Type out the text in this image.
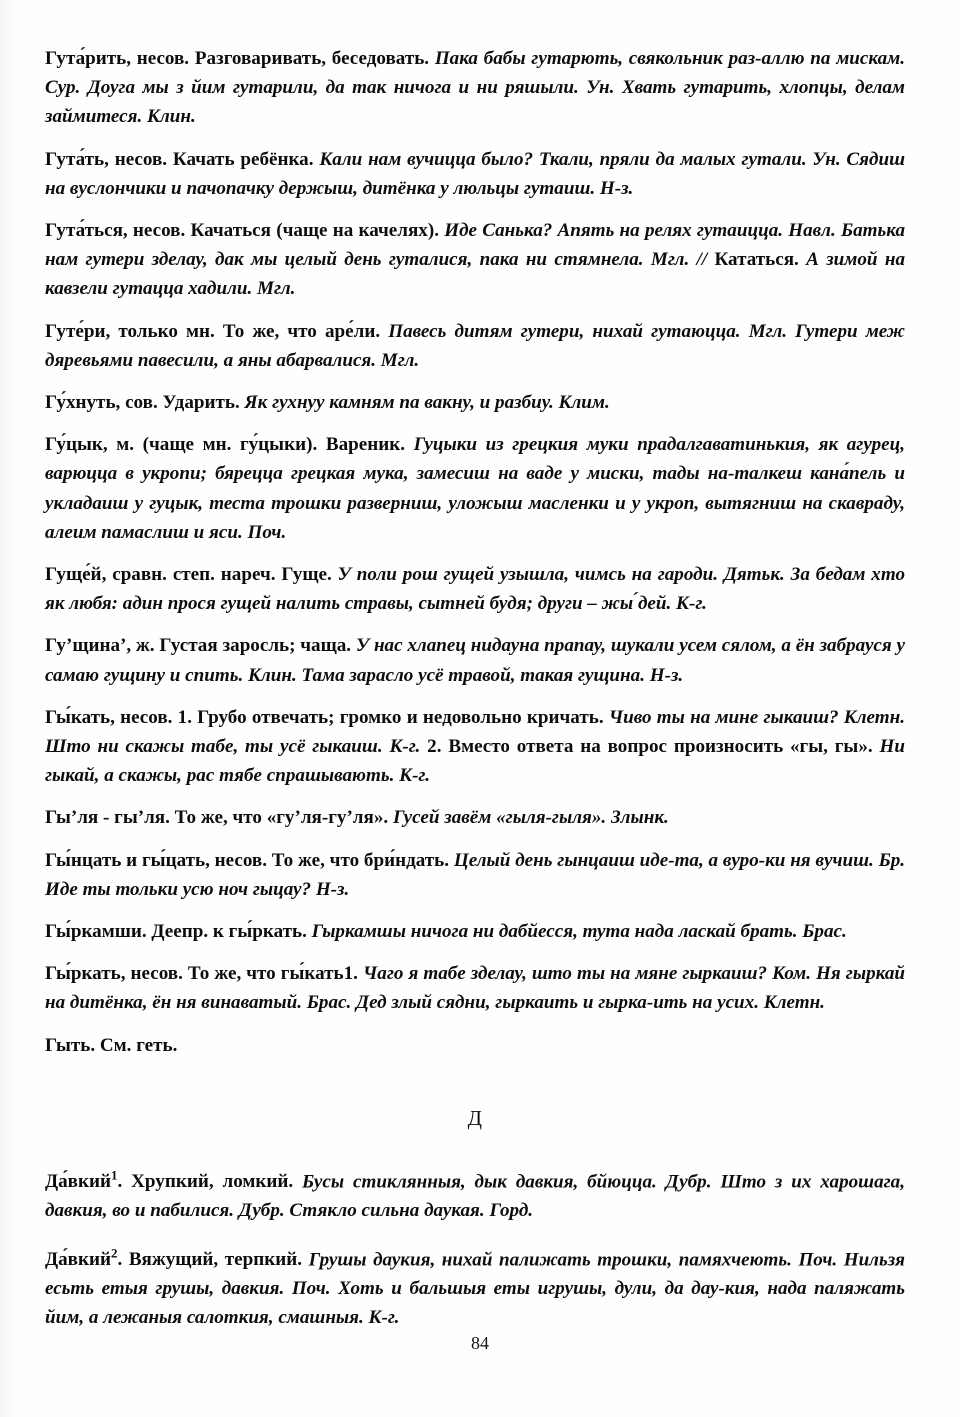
Гута́рить, несов. Разговаривать, беседовать. Пака бабы гутарють, свякольник раз-аллю па мискам. Сур. Доуга мы з йим гутарили, да так ничога и ни ряшыли. Ун. Хвать гутарить, хлопцы, делам займитеся. Клин.

Гута́ть, несов. Качать ребёнка. Кали нам вучицца было? Ткали, пряли да малых гутали. Ун. Сядиш на вуслончики и пачопачку держыш, дитёнка у люльцы гутаиш. Н-з.

Гута́ться, несов. Качаться (чаще на качелях). Иде Санька? Апять на релях гутаицца. Навл. Батька нам гутери зделау, дак мы целый день гуталися, пака ни стямнела. Мгл. // Кататься. А зимой на кавзели гутацца хадили. Мгл.

Гуте́ри, только мн. То же, что аре́ли. Павесь дитям гутери, нихай гутаюцца. Мгл. Гутери меж дяревьями павесили, а яны абарвалися. Мгл.

Гу́хнуть, сов. Ударить. Як гухнуу камням па вакну, и разбиу. Клим.

Гу́цык, м. (чаще мн. гу́цыки). Вареник. Гуцыки из грецкия муки прадалгаватинькия, як агурец, варюцца в укропи; бярецца грецкая мука, замесиш на ваде у миски, тады на-талкеш кана́пель и укладаиш у гуцык, теста трошки разверниш, уложыш масленки и у укроп, вытягниш на скавраду, алеим памаслиш и яси. Поч.

Гуще́й, сравн. степ. нареч. Гуще. У поли рош гущей узышла, чимсь на гароди. Дятьк. За бедам хто як любя: адин прося гущей налить стравы, сытней будя; други – жы ́дей. К-г.

Гу’щина’, ж. Густая заросль; чаща. У нас хлапец нидауна прапау, шукали усем сялом, а ён забрауся у самаю гущину и спить. Клин. Тама зарасло усё травой, такая гущина. Н-з.

Гы́кать, несов. 1. Грубо отвечать; громко и недовольно кричать. Чиво ты на мине гыкаиш? Клетн. Што ни скажы табе, ты усё гыкаиш. К-г. 2. Вместо ответа на вопрос произносить «гы, гы». Ни гыкай, а скажы, рас тябе спрашывають. К-г.

Гы’ля - гы’ля. То же, что «гу’ля-гу’ля». Гусей завём «гыля-гыля». Злынк.

Гы́нцать и гы́цать, несов. То же, что бри́ндать. Целый день гынцаиш иде-та, а вуро-ки ня вучиш. Бр. Иде ты тольки усю ноч гыцау? Н-з.

Гы́ркамши. Деепр. к гы́ркать. Гыркамшы ничога ни дабйесся, тута нада ласкай брать. Брас.

Гы́ркать, несов. То же, что гы́кать1. Чаго я табе зделау, што ты на мяне гыркаиш? Ком. Ня гыркай на дитёнка, ён ня винаватый. Брас. Дед злый сядни, гыркаить и гырка-ить на усих. Клетн.

Гыть. См. геть.

Д

Да́вкий$^1$. Хрупкий, ломкий. Бусы стиклянныя, дык давкия, бйюцца. Дубр. Што з их харошага, давкия, во и пабилися. Дубр. Стякло сильна даукая. Горд.

Да́вкий$^2$. Вяжущий, терпкий. Грушы даукия, нихай палижать трошки, памяхчеють. Поч. Нильзя есьть етыя грушы, давкия. Поч. Хоть и бальшыя еты игрушы, дули, да дау-кия, нада паляжать йим, а лежаныя салоткия, смашныя. К-г.

84
